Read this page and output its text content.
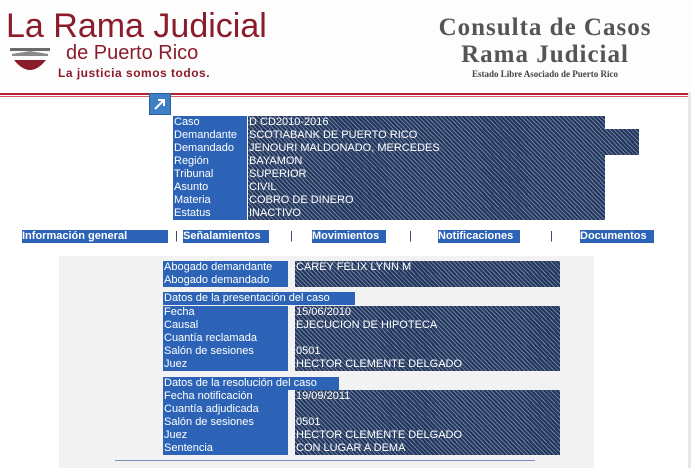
La Rama Judicial
de Puerto Rico
La justicia somos todos.
Consulta de Casos
Rama Judicial
Estado Libre Asociado de Puerto Rico
Caso	D CD2010-2016
Demandante	SCOTIABANK DE PUERTO RICO
Demandado	JENOURI MALDONADO, MERCEDES
Región	BAYAMON
Tribunal	SUPERIOR
Asunto	CIVIL
Materia	COBRO DE DINERO
Estatus	INACTIVO
Información general	| Señalamientos	| Movimientos	| Notificaciones	| Documentos
Abogado demandante	CAREY FELIX LYNN M
Abogado demandado
Datos de la presentación del caso
Fecha	15/06/2010
Causal	EJECUCION DE HIPOTECA
Cuantía reclamada
Salón de sesiones	0501
Juez	HECTOR CLEMENTE DELGADO
Datos de la resolución del caso
Fecha notificación	19/09/2011
Cuantía adjudicada
Salón de sesiones	0501
Juez	HECTOR CLEMENTE DELGADO
Sentencia	CON LUGAR A DEMA
